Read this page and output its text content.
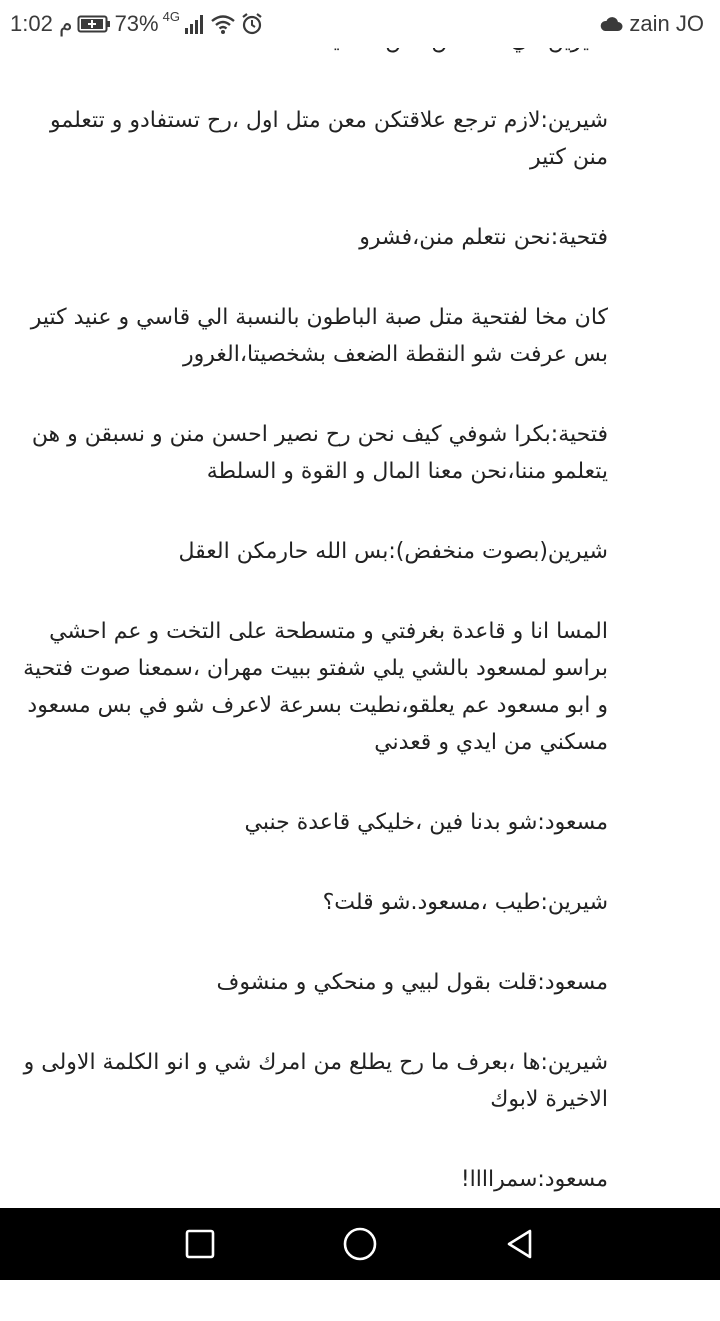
شيرين:لازم ترجع علاقتكن معن متل اول ،رح تستفادو و تتعلمو منن كتير

فتحية:نحن نتعلم منن،فشرو

كان مخا لفتحية متل صبة الباطون بالنسبة الي قاسي و عنيد كتير بس عرفت شو النقطة الضعف بشخصيتا،الغرور

فتحية:بكرا شوفي كيف نحن رح نصير احسن منن و نسبقن و هن يتعلمو مننا،نحن معنا المال و القوة و السلطة

شيرين(بصوت منخفض):بس الله حارمكن العقل

المسا انا و قاعدة بغرفتي و متسطحة على التخت و عم احشي براسو لمسعود بالشي يلي شفتو ببيت مهران ،سمعنا صوت فتحية و ابو مسعود عم يعلقو،نطيت بسرعة لاعرف شو في بس مسعود مسكني من ايدي و قعدني

مسعود:شو بدنا فين ،خليكي قاعدة جنبي

شيرين:طيب ،مسعود.شو قلت؟

مسعود:قلت بقول لبيي و منحكي و منشوف

شيرين:ها ،بعرف ما رح يطلع من امرك شي و انو الكلمة الاولى و الاخيرة لابوك

مسعود:سمراااا!

1:02 م 73% 4G	zain JO
